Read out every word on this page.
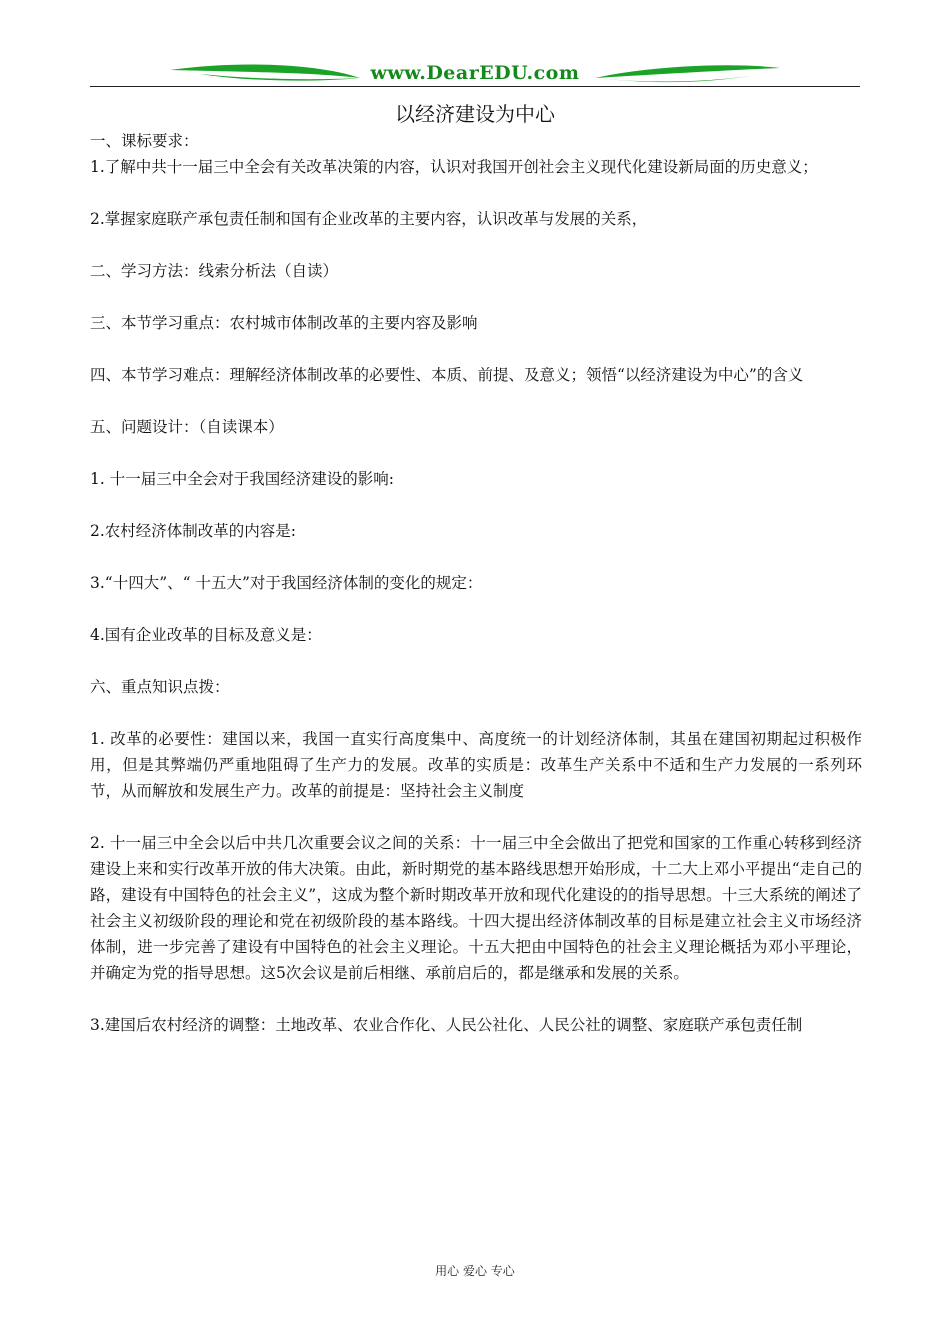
www.DearEDU.com
以经济建设为中心

一、课标要求：

1.了解中共十一届三中全会有关改革决策的内容，认识对我国开创社会主义现代化建设新局面的历史意义；

2.掌握家庭联产承包责任制和国有企业改革的主要内容，认识改革与发展的关系，

二、学习方法：线索分析法（自读）

三、本节学习重点：农村城市体制改革的主要内容及影响

四、本节学习难点：理解经济体制改革的必要性、本质、前提、及意义；领悟“以经济建设为中心”的含义

五、问题设计：（自读课本）

1. 十一届三中全会对于我国经济建设的影响:

2.农村经济体制改革的内容是:

3.“十四大”、“ 十五大”对于我国经济体制的变化的规定：

4.国有企业改革的目标及意义是：

六、重点知识点拨：

1. 改革的必要性：建国以来，我国一直实行高度集中、高度统一的计划经济体制，其虽在建国初期起过积极作用，但是其弊端仍严重地阻碍了生产力的发展。改革的实质是：改革生产关系中不适和生产力发展的一系列环节，从而解放和发展生产力。改革的前提是：坚持社会主义制度

2. 十一届三中全会以后中共几次重要会议之间的关系：十一届三中全会做出了把党和国家的工作重心转移到经济建设上来和实行改革开放的伟大决策。由此，新时期党的基本路线思想开始形成，十二大上邓小平提出“走自己的路，建设有中国特色的社会主义”，这成为整个新时期改革开放和现代化建设的的指导思想。十三大系统的阐述了社会主义初级阶段的理论和党在初级阶段的基本路线。十四大提出经济体制改革的目标是建立社会主义市场经济体制，进一步完善了建设有中国特色的社会主义理论。十五大把由中国特色的社会主义理论概括为邓小平理论，并确定为党的指导思想。这5次会议是前后相继、承前启后的，都是继承和发展的关系。

3.建国后农村经济的调整：土地改革、农业合作化、人民公社化、人民公社的调整、家庭联产承包责任制

用心 爱心 专心
